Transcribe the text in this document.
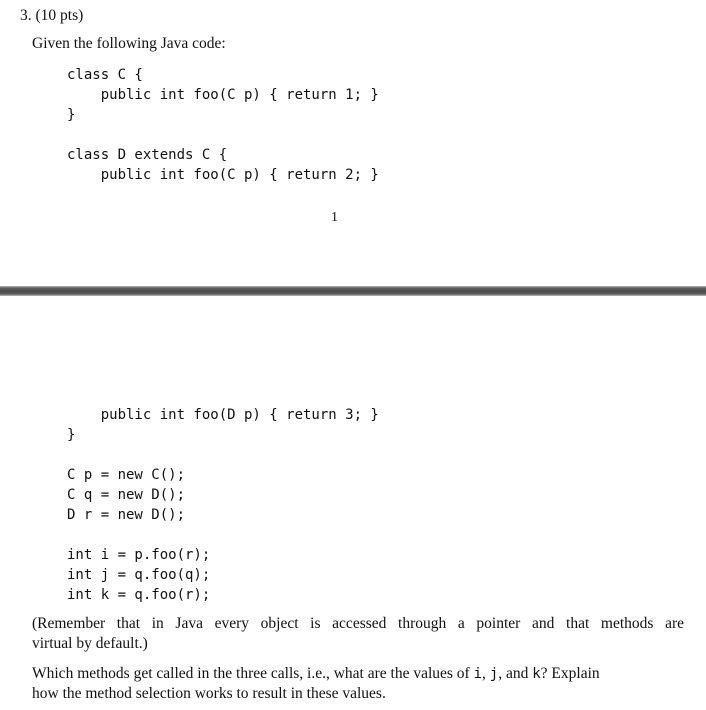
3. (10 pts)
Given the following Java code:
class C {
public int foo(C p) { return 1; }
}
class D extends C {
public int foo(C p) { return 2; }
1
public int foo(D p) { return 3; }
}
C p = new C();
C q = new D();
D r = new D();
int i = p.foo(r);
int j = q.foo(q);
int k = q.foo(r);
(Remember that in Java every object is accessed through a pointer and that methods are
virtual by default.)
Which methods get called in the three calls, i.e., what are the values of i, j, and k? Explain
how the method selection works to result in these values.
